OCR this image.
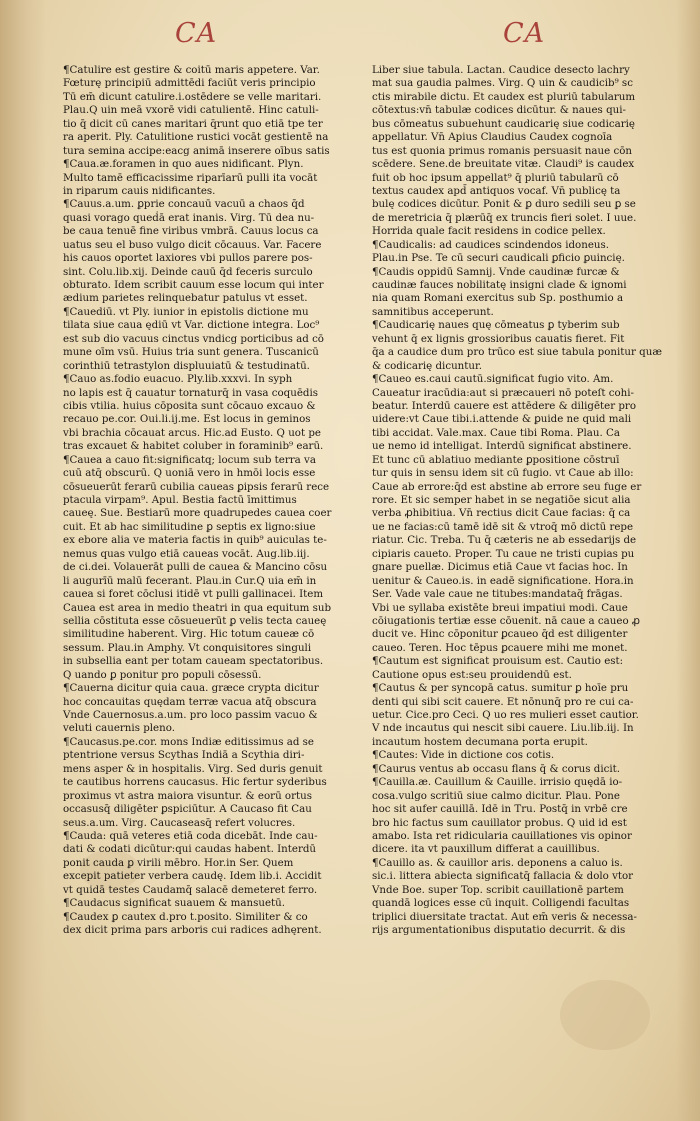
CA	CA
¶Catulire est gestire & coitū maris appetere. Var.
Fœturę principiū admittēdi faciūt veris principio
Tū em̄ dicunt catulire.i.ostēdere se velle maritari.
Plau.Q uin meā vxorē vidi catulientē. Hinc catuli-
tio q̄ dicit cū canes maritari q̄runt quo etiā tpe ter
ra aperit. Ply. Catulitione rustici vocāt gestientē na
tura semina accipe:eacg animā inserere oībus satis
¶Caua.æ.foramen in quo aues nidificant. Plyn.
Multo tamē efficacissime riparīarū pulli ita vocāt
in riparum cauis nidificantes.
¶Cauus.a.um. ꝑprie concauū vacuū a chaos q̄d
quasi vorago queḋā erat inanis. Virg. Tū dea nu-
be caua tenuē fine viribus vmbrā. Cauus locus ca
uatus seu el buso vulgo dicit cōcauus. Var. Facere
his cauos oportet laxiores vbi pullos parere pos-
sint. Colu.lib.xij. Deinde cauū q̄d feceris surculo
obturato. Idem scribit cauum esse locum qui inter
ædium parietes relinquebatur patulus vt esset.
¶Cauediū. vt Ply. iunior in epistolis dictione mu
tilata siue caua ędiū vt Var. dictione integra. Loc⁹
est sub dio vacuus cinctus vndicg porticibus ad cō
mune oīm vsū. Huius tria sunt genera. Tuscanicū
corinthiū tetrastylon displuuiatū & testudinatū.
¶Cauo as.fodio euacuo. Ply.lib.xxxvi. In syph
no lapis est q̄ cauatur tornaturq̄ in vasa coquēdis
cibis vtilia. huius cōposita sunt cōcauo excauo &
recauo pe.cor. Oui.li.ij.me. Est locus in geminos
vbi brachia cōcauat arcus. Hic.ad Eusto. Q uot pe
tras excauet & habitet coluber in foraminib⁹ earū.
¶Cauea a cauo fit:significatq; locum sub terra va
cuū atq̄ obscurū. Q uoniā vero in hmōi locis esse
cōsueuerūt ferarū cubilia caueas ꝑipsis ferarū rece
ptacula virpam⁹. Apul. Bestia factū īmittimus
caueę. Sue. Bestiarū more quadrupedes cauea coer
cuit. Et ab hac similitudine ꝑ septis ex ligno:siue
ex ebore alia ve materia factis in quib⁹ auiculas te-
nemus quas vulgo etiā caueas vocāt. Aug.lib.iij.
de ci.dei. Volauerāt pulli de cauea & Mancino cōsu
li augurīū malū fecerant. Plau.in Cur.Q uia em̄ in
cauea si foret cōclusi itidē vt pulli gallinacei. Item
Cauea est area in medio theatri in qua equitum sub
sellia cōstituta esse cōsueuerūt ꝑ velis tecta caueę
similitudine haberent. Virg. Hic totum caueæ cō
sessum. Plau.in Amphy. Vt conquisitores singuli
in subsellia eant per totam caueam spectatoribus.
Q uando ꝑ ponitur pro populi cōsessū.
¶Cauerna dicitur quia caua. græce crypta dicitur
hoc concauitas quędam terræ vacua atq̄ obscura
Vnde Cauernosus.a.um. pro loco passim vacuo &
veluti cauernis pleno.
¶Caucasus.pe.cor. mons Indiæ editissimus ad se
ptentrione versus Scythas Indiā a Scythia diri-
mens asper & in hospitalis. Virg. Sed duris genuit
te cautibus horrens caucasus. Hic fertur syderibus
proximus vt astra maiora visuntur. & eorū ortus
occasusq̄ diligēter ꝑspiciūtur. A Caucaso fit Cau
seus.a.um. Virg. Caucaseasq̄ refert volucres.
¶Cauda: quā veteres etiā coda dicebāt. Inde cau-
dati & codati dicūtur:qui caudas habent. Interdū
ponit cauda ꝑ virili mēbro. Hor.in Ser. Quem
excepit patieter verbera caudę. Idem lib.i. Accidit
vt quidā testes Caudamq̄ salacē demeteret ferro.
¶Caudacus significat suauem & mansuetū.
¶Caudex ꝑ cautex d.pro t.posito. Similiter & co
dex dicit prima pars arboris cui radices adhęrent.
Liber siue tabula. Lactan. Caudice desecto lachry
mat sua gaudia palmes. Virg. Q uin & caudicib⁹ sc
ctis mirabile dictu. Et caudex est pluriū tabularum
cōtextus:vn̄ tabulæ codices dicūtur. & naues qui-
bus cōmeatus subuehunt caudicarię siue codicarię
appellatur. Vn̄ Apius Claudius Caudex cognoīa
tus est quonia primus romanis persuasit naue cōn
scēdere. Sene.de breuitate vitæ. Claudi⁹ is caudex
fuit ob hoc ipsum appellat⁹ q̄ pluriū tabularū cō
textus caudex apd̄ antiquos vocaf. Vn̄ publicę ta
bulę codices dicūtur. Ponit & ꝑ duro sedili seu ꝑ se
de meretricia q̄ plærūq̄ ex truncis fieri solet. I uue.
Horrida quale facit residens in codice pellex.
¶Caudicalis: ad caudices scindendos idoneus.
Plau.in Pse. Te cū securi caudicali ꝑficio ꝑuincię.
¶Caudis oppidū Samnij. Vnde caudinæ furcæ &
caudinæ fauces nobilitatę insigni clade & ignomi
nia quam Romani exercitus sub Sp. posthumio a
samnitibus acceperunt.
¶Caudicarię naues quę cōmeatus ꝑ tyberim sub
vehunt q̄ ex lignis grossioribus cauatis fieret. Fit
q̄a a caudice dum pro trūco est siue tabula ponitur quæ
& codicarię dicuntur.
¶Caueo es.caui cautū.significat fugio vito. Am.
Caueatur iracūdia:aut si præcaueri nō poteſt cohi-
beatur. Interdū cauere est attēdere & diligēter pro
uidere:vt Caue tibi.i.attende & ꝑuide ne quid mali
tibi accidat. Vale.max. Caue tibi Roma. Plau. Ca
ue nemo id intelligat. Interdū significat abstinere.
Et tunc cū ablatiuo mediante ꝑpositione cōstruī
tur quis in sensu idem sit cū fugio. vt Caue ab illo:
Caue ab errore:q̄d est abstine ab errore seu fuge er
rore. Et sic semper habet in se negatiōe sicut alia
verba ꝓhibitiua. Vn̄ rectius dicit Caue facias: q̄ ca
ue ne facias:cū tamē idē sit & vtroq̄ mō dictū repe
riatur. Cic. Treba. Tu q̄ cæteris ne ab essedarijs de
cipiaris caueto. Proper. Tu caue ne tristi cupias pu
gnare puellæ. Dicimus etiā Caue vt facias hoc. In
uenitur & Caueo.is. in eadē significatione. Hora.in
Ser. Vade vale caue ne titubes:mandataq̄ frāgas.
Vbi ue syllaba existēte breui impatiui modi. Caue
cōiugationis tertiæ esse cōuenit. nā caue a caueo ꝓ
ducit ve. Hinc cōponitur ꝑcaueo q̄d est diligenter
caueo. Teren. Hoc tēpus ꝑcauere mihi me monet.
¶Cautum est significat prouisum est. Cautio est:
Cautione opus est:seu prouidendū est.
¶Cautus & per syncopā catus. sumitur ꝑ hoīe pru
denti qui sibi scit cauere. Et nōnunq̄ pro re cui ca-
uetur. Cice.pro Ceci. Q uo res mulieri esset cautior.
V nde incautus qui nescit sibi cauere. Liu.lib.iij. In
incautum hostem decumana porta erupit.
¶Cautes: Vide in dictione cos cotis.
¶Caurus ventus ab occasu flans q̄ & corus dicit.
¶Cauilla.æ. Cauillum & Cauille. irrisio quędā io-
cosa.vulgo scritiū siue calmo dicitur. Plau. Pone
hoc sit aufer cauillā. Idē in Tru. Postq̄ in vrbē cre
bro hic factus sum cauillator probus. Q uid id est
amabo. Ista ret ridicularia cauillationes vis opinor
dicere. ita vt pauxillum differat a cauillibus.
¶Cauillo as. & cauillor aris. deponens a caluo is.
sic.i. littera abiecta significatq̄ fallacia & dolo vtor
Vnde Boe. super Top. scribit cauillationē partem
quandā logices esse cū inquit. Colligendi facultas
triplici diuersitate tractat. Aut em̄ veris & necessa-
rijs argumentationibus disputatio decurrit. & dis
